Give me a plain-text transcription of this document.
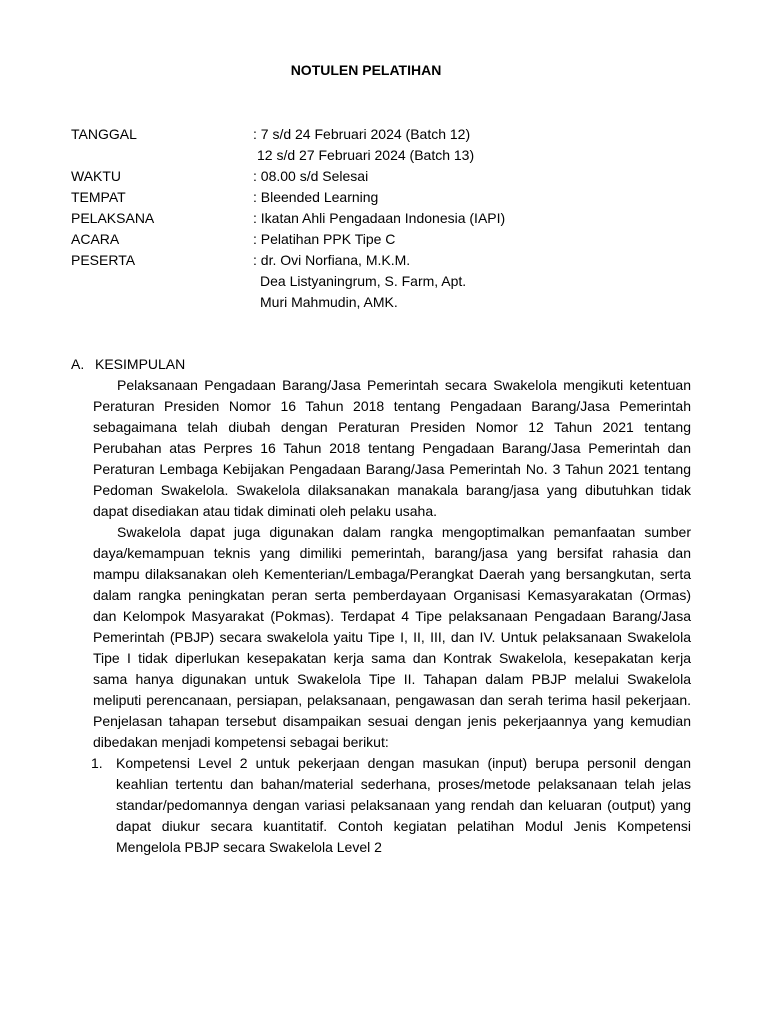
NOTULEN PELATIHAN
TANGGAL	: 7 s/d 24 Februari 2024 (Batch 12)
12 s/d 27 Februari 2024 (Batch 13)
WAKTU	: 08.00 s/d Selesai
TEMPAT	: Bleended Learning
PELAKSANA	: Ikatan Ahli Pengadaan Indonesia (IAPI)
ACARA	: Pelatihan PPK Tipe C
PESERTA	: dr. Ovi Norfiana, M.K.M.
Dea Listyaningrum, S. Farm, Apt.
Muri Mahmudin, AMK.
A. KESIMPULAN

Pelaksanaan Pengadaan Barang/Jasa Pemerintah secara Swakelola mengikuti ketentuan Peraturan Presiden Nomor 16 Tahun 2018 tentang Pengadaan Barang/Jasa Pemerintah sebagaimana telah diubah dengan Peraturan Presiden Nomor 12 Tahun 2021 tentang Perubahan atas Perpres 16 Tahun 2018 tentang Pengadaan Barang/Jasa Pemerintah dan Peraturan Lembaga Kebijakan Pengadaan Barang/Jasa Pemerintah No. 3 Tahun 2021 tentang Pedoman Swakelola. Swakelola dilaksanakan manakala barang/jasa yang dibutuhkan tidak dapat disediakan atau tidak diminati oleh pelaku usaha.

Swakelola dapat juga digunakan dalam rangka mengoptimalkan pemanfaatan sumber daya/kemampuan teknis yang dimiliki pemerintah, barang/jasa yang bersifat rahasia dan mampu dilaksanakan oleh Kementerian/Lembaga/Perangkat Daerah yang bersangkutan, serta dalam rangka peningkatan peran serta pemberdayaan Organisasi Kemasyarakatan (Ormas) dan Kelompok Masyarakat (Pokmas). Terdapat 4 Tipe pelaksanaan Pengadaan Barang/Jasa Pemerintah (PBJP) secara swakelola yaitu Tipe I, II, III, dan IV. Untuk pelaksanaan Swakelola Tipe I tidak diperlukan kesepakatan kerja sama dan Kontrak Swakelola, kesepakatan kerja sama hanya digunakan untuk Swakelola Tipe II. Tahapan dalam PBJP melalui Swakelola meliputi perencanaan, persiapan, pelaksanaan, pengawasan dan serah terima hasil pekerjaan. Penjelasan tahapan tersebut disampaikan sesuai dengan jenis pekerjaannya yang kemudian dibedakan menjadi kompetensi sebagai berikut:

1. Kompetensi Level 2 untuk pekerjaan dengan masukan (input) berupa personil dengan keahlian tertentu dan bahan/material sederhana, proses/metode pelaksanaan telah jelas standar/pedomannya dengan variasi pelaksanaan yang rendah dan keluaran (output) yang dapat diukur secara kuantitatif. Contoh kegiatan pelatihan Modul Jenis Kompetensi Mengelola PBJP secara Swakelola Level 2
